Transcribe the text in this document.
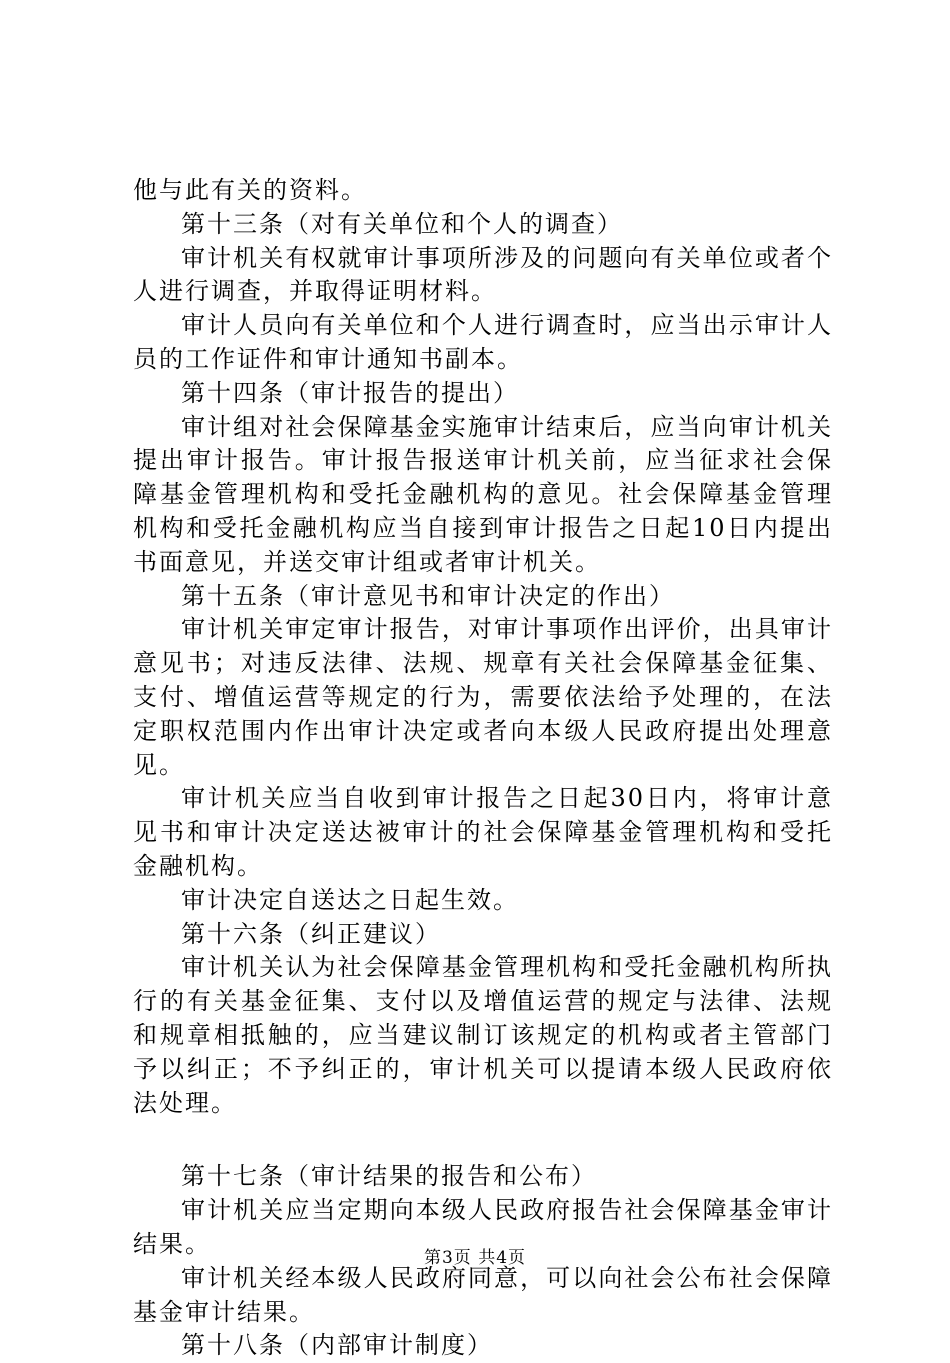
他与此有关的资料。

第十三条（对有关单位和个人的调查）

审计机关有权就审计事项所涉及的问题向有关单位或者个人进行调查，并取得证明材料。

审计人员向有关单位和个人进行调查时，应当出示审计人员的工作证件和审计通知书副本。

第十四条（审计报告的提出）

审计组对社会保障基金实施审计结束后，应当向审计机关提出审计报告。审计报告报送审计机关前，应当征求社会保障基金管理机构和受托金融机构的意见。社会保障基金管理机构和受托金融机构应当自接到审计报告之日起10日内提出书面意见，并送交审计组或者审计机关。

第十五条（审计意见书和审计决定的作出）

审计机关审定审计报告，对审计事项作出评价，出具审计意见书；对违反法律、法规、规章有关社会保障基金征集、支付、增值运营等规定的行为，需要依法给予处理的，在法定职权范围内作出审计决定或者向本级人民政府提出处理意见。

审计机关应当自收到审计报告之日起30日内，将审计意见书和审计决定送达被审计的社会保障基金管理机构和受托金融机构。

审计决定自送达之日起生效。

第十六条（纠正建议）

审计机关认为社会保障基金管理机构和受托金融机构所执行的有关基金征集、支付以及增值运营的规定与法律、法规和规章相抵触的，应当建议制订该规定的机构或者主管部门予以纠正；不予纠正的，审计机关可以提请本级人民政府依法处理。

第十七条（审计结果的报告和公布）

审计机关应当定期向本级人民政府报告社会保障基金审计结果。

审计机关经本级人民政府同意，可以向社会公布社会保障基金审计结果。

第十八条（内部审计制度）

第3页 共4页
